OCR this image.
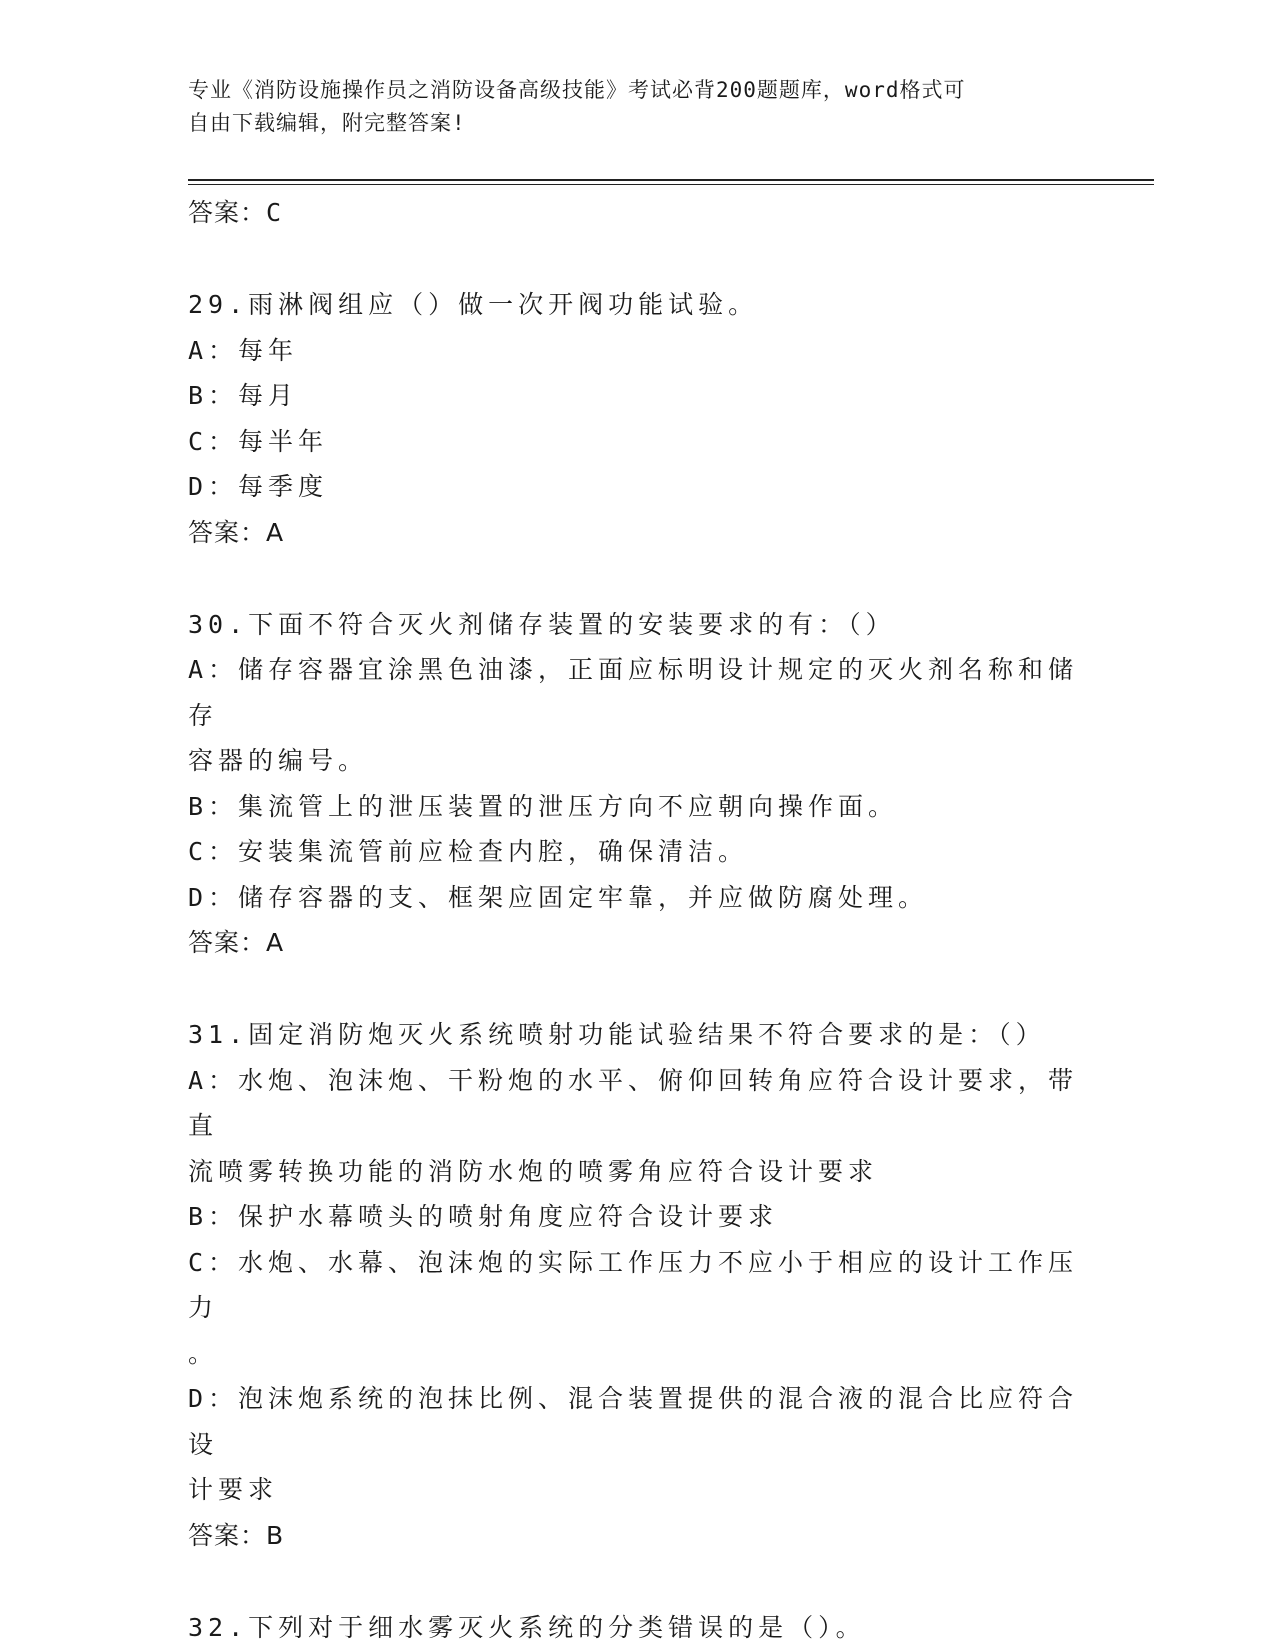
专业《消防设施操作员之消防设备高级技能》考试必背200题题库，word格式可
自由下载编辑，附完整答案!
答案：C
29.雨淋阀组应（）做一次开阀功能试验。
A：每年
B：每月
C：每半年
D：每季度
答案：A
30.下面不符合灭火剂储存装置的安装要求的有：（）
A：储存容器宜涂黑色油漆，正面应标明设计规定的灭火剂名称和储存
容器的编号。
B：集流管上的泄压装置的泄压方向不应朝向操作面。
C：安装集流管前应检查内腔，确保清洁。
D：储存容器的支、框架应固定牢靠，并应做防腐处理。
答案：A
31.固定消防炮灭火系统喷射功能试验结果不符合要求的是：（）
A：水炮、泡沫炮、干粉炮的水平、俯仰回转角应符合设计要求，带直
流喷雾转换功能的消防水炮的喷雾角应符合设计要求
B：保护水幕喷头的喷射角度应符合设计要求
C：水炮、水幕、泡沫炮的实际工作压力不应小于相应的设计工作压力
。
D：泡沫炮系统的泡抹比例、混合装置提供的混合液的混合比应符合设
计要求
答案：B
32.下列对于细水雾灭火系统的分类错误的是（）。
